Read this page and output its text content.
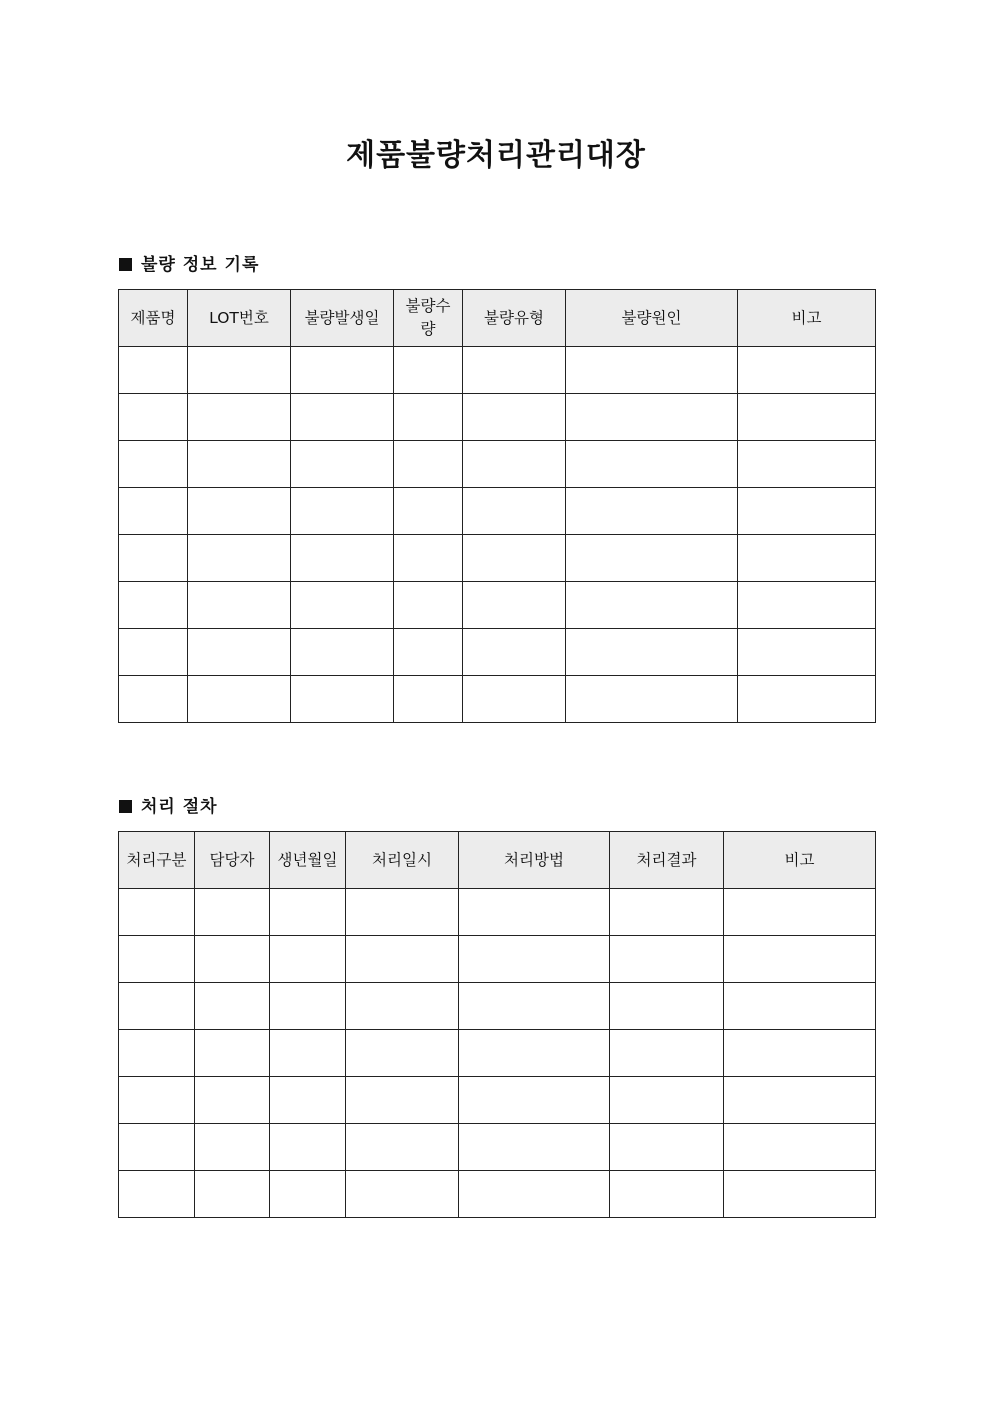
제품불량처리관리대장
불량 정보 기록
제품명	LOT번호	불량발생일	불량수량	불량유형	불량원인	비고

처리 절차
처리구분	담당자	생년월일	처리일시	처리방법	처리결과	비고
